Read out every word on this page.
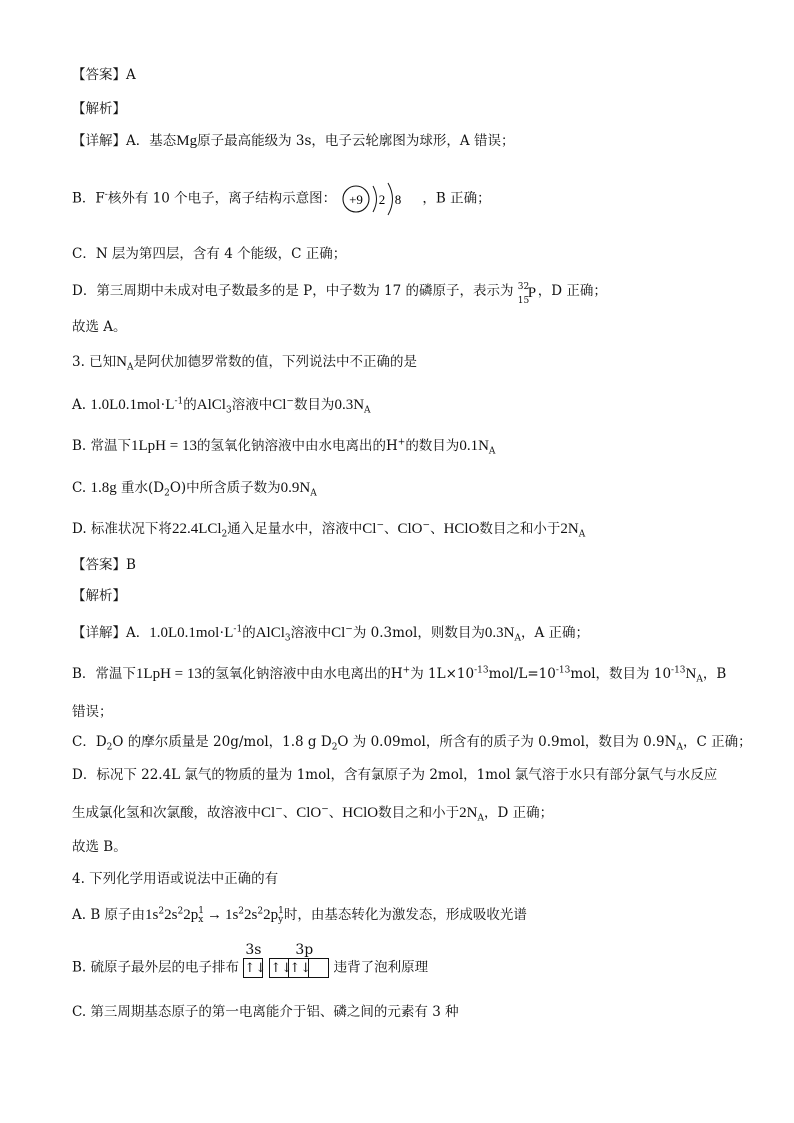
【答案】A
【解析】
【详解】A．基态Mg原子最高能级为 3s，电子云轮廓图为球形，A 错误；
B．F-核外有 10 个电子，离子结构示意图： +9 2 8 ，B 正确；
C．N 层为第四层，含有 4 个能级，C 正确；
D．第三周期中未成对电子数最多的是 P，中子数为 17 的磷原子，表示为 32
15
P ，D 正确；
故选 A。
3. 已知$N_A$是阿伏加德罗常数的值，下列说法中不正确的是
A. $1.0L0.1mol\cdot L^{-1}$的AlCl$_3$溶液中Cl−数目为$0.3N_A$
B. 常温下1LpH = 13的氢氧化钠溶液中由水电离出的H+的数目为$0.1N_A$
C. 1.8g 重水$(D_2O)$中所含质子数为$0.9N_A$
D. 标准状况下将22.4LCl$_2$通入足量水中，溶液中Cl−、ClO−、HClO数目之和小于$2N_A$
【答案】B
【解析】
【详解】A．$1.0L0.1mol\cdot L^{-1}$的AlCl$_3$溶液中Cl−为 0.3mol，则数目为$0.3N_A$，A 正确；
B．常温下1LpH = 13的氢氧化钠溶液中由水电离出的H+为 $1L\times 10^{-13}mol/L=10^{-13}mol$，数目为 $10^{-13}N_A$，B
错误；
C．$D_2O$ 的摩尔质量是 20g/mol，1.8 g $D_2O$ 为 0.09mol，所含有的质子为 0.9mol，数目为 $0.9N_A$，C 正确；
D．标况下 22.4L 氯气的物质的量为 1mol，含有氯原子为 2mol，1mol 氯气溶于水只有部分氯气与水反应
生成氯化氢和次氯酸，故溶液中Cl−、ClO−、HClO数目之和小于$2N_A$，D 正确；
故选 B。
4. 下列化学用语或说法中正确的有
A. B 原子由$1s^22s^22p$ 1
$x \to 1s^22s^22p$ 1
y 时，由基态转化为激发态，形成吸收光谱
B. 硫原子最外层的电子排布
3s
↑↓
3p
↑↓
↑↓ 违背了泡利原理
C. 第三周期基态原子的第一电离能介于铝、磷之间的元素有 3 种
